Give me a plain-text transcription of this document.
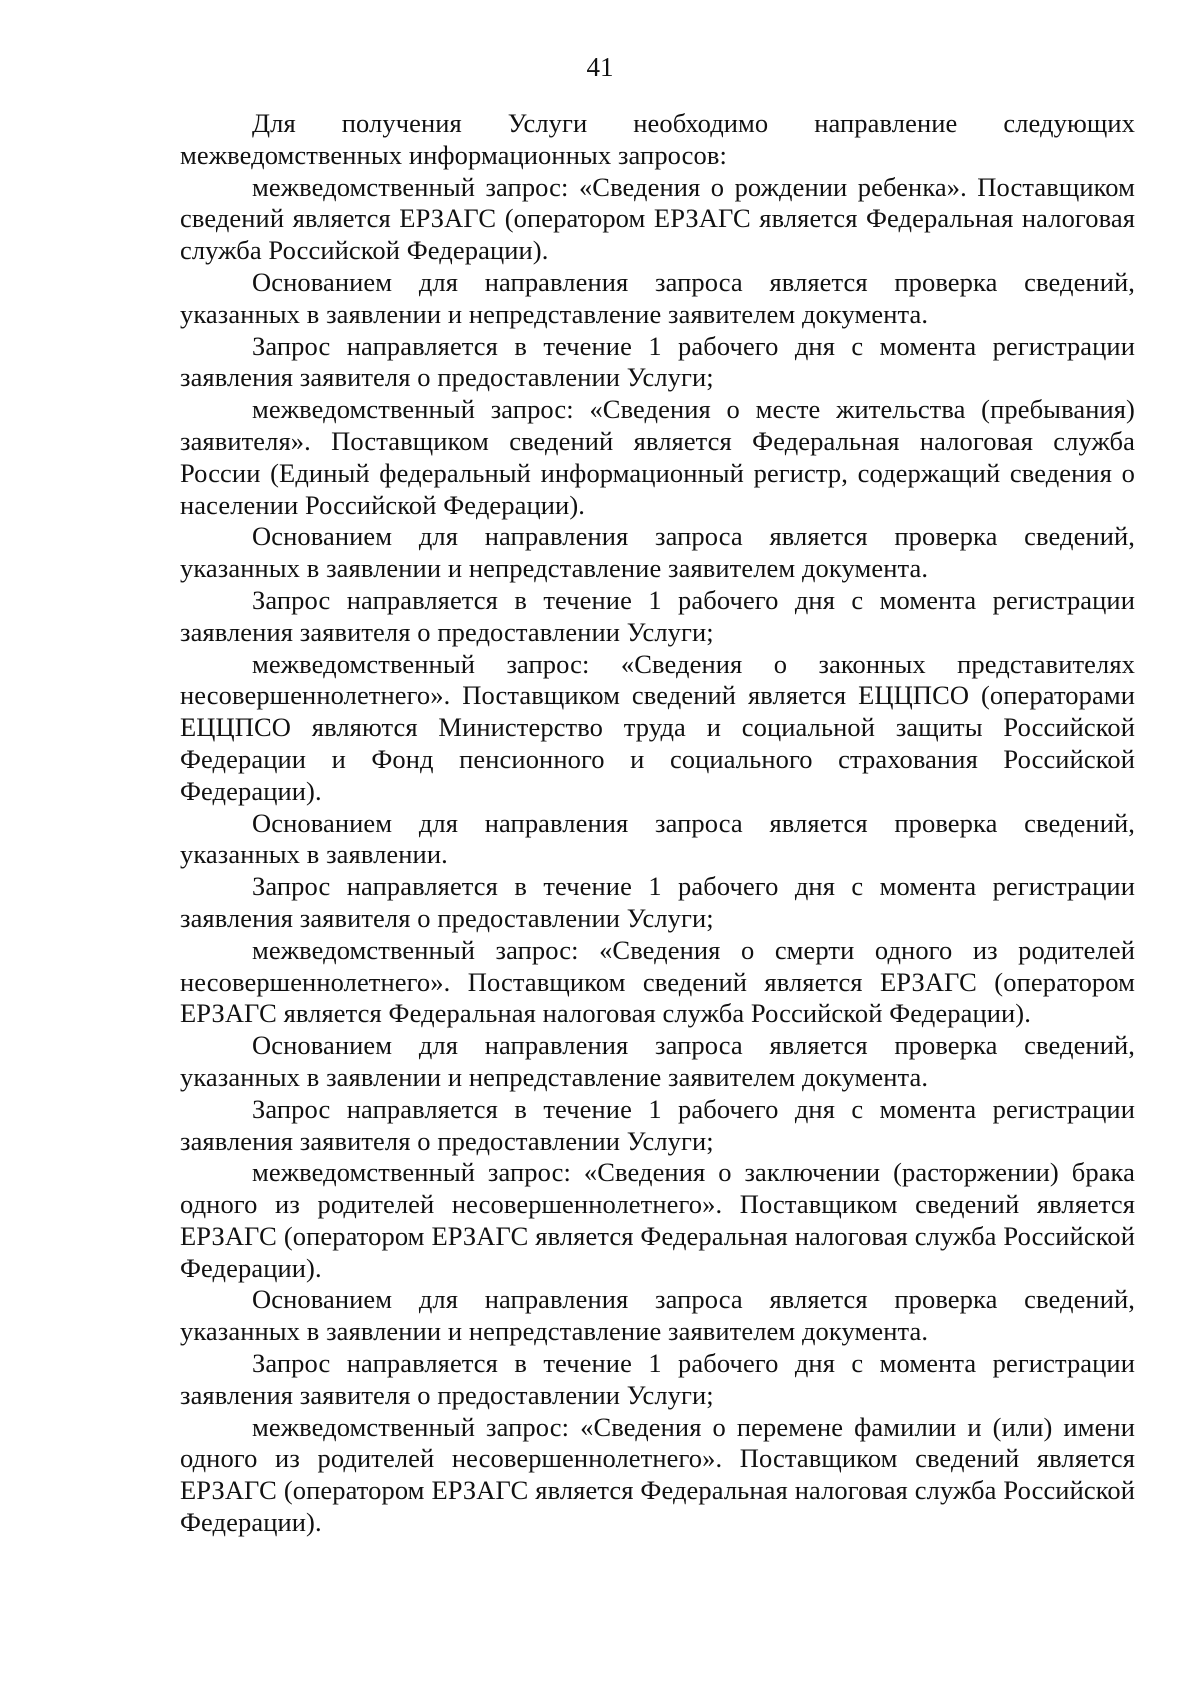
41

Для получения Услуги необходимо направление следующих межведомственных информационных запросов:

межведомственный запрос: «Сведения о рождении ребенка». Поставщиком сведений является ЕРЗАГС (оператором ЕРЗАГС является Федеральная налоговая служба Российской Федерации).

Основанием для направления запроса является проверка сведений, указанных в заявлении и непредставление заявителем документа.

Запрос направляется в течение 1 рабочего дня с момента регистрации заявления заявителя о предоставлении Услуги;

межведомственный запрос: «Сведения о месте жительства (пребывания) заявителя». Поставщиком сведений является Федеральная налоговая служба России (Единый федеральный информационный регистр, содержащий сведения о населении Российской Федерации).

Основанием для направления запроса является проверка сведений, указанных в заявлении и непредставление заявителем документа.

Запрос направляется в течение 1 рабочего дня с момента регистрации заявления заявителя о предоставлении Услуги;

межведомственный запрос: «Сведения о законных представителях несовершеннолетнего». Поставщиком сведений является ЕЦЦПСО (операторами ЕЦЦПСО являются Министерство труда и социальной защиты Российской Федерации и Фонд пенсионного и социального страхования Российской Федерации).

Основанием для направления запроса является проверка сведений, указанных в заявлении.

Запрос направляется в течение 1 рабочего дня с момента регистрации заявления заявителя о предоставлении Услуги;

межведомственный запрос: «Сведения о смерти одного из родителей несовершеннолетнего». Поставщиком сведений является ЕРЗАГС (оператором ЕРЗАГС является Федеральная налоговая служба Российской Федерации).

Основанием для направления запроса является проверка сведений, указанных в заявлении и непредставление заявителем документа.

Запрос направляется в течение 1 рабочего дня с момента регистрации заявления заявителя о предоставлении Услуги;

межведомственный запрос: «Сведения о заключении (расторжении) брака одного из родителей несовершеннолетнего». Поставщиком сведений является ЕРЗАГС (оператором ЕРЗАГС является Федеральная налоговая служба Российской Федерации).

Основанием для направления запроса является проверка сведений, указанных в заявлении и непредставление заявителем документа.

Запрос направляется в течение 1 рабочего дня с момента регистрации заявления заявителя о предоставлении Услуги;

межведомственный запрос: «Сведения о перемене фамилии и (или) имени одного из родителей несовершеннолетнего». Поставщиком сведений является ЕРЗАГС (оператором ЕРЗАГС является Федеральная налоговая служба Российской Федерации).
